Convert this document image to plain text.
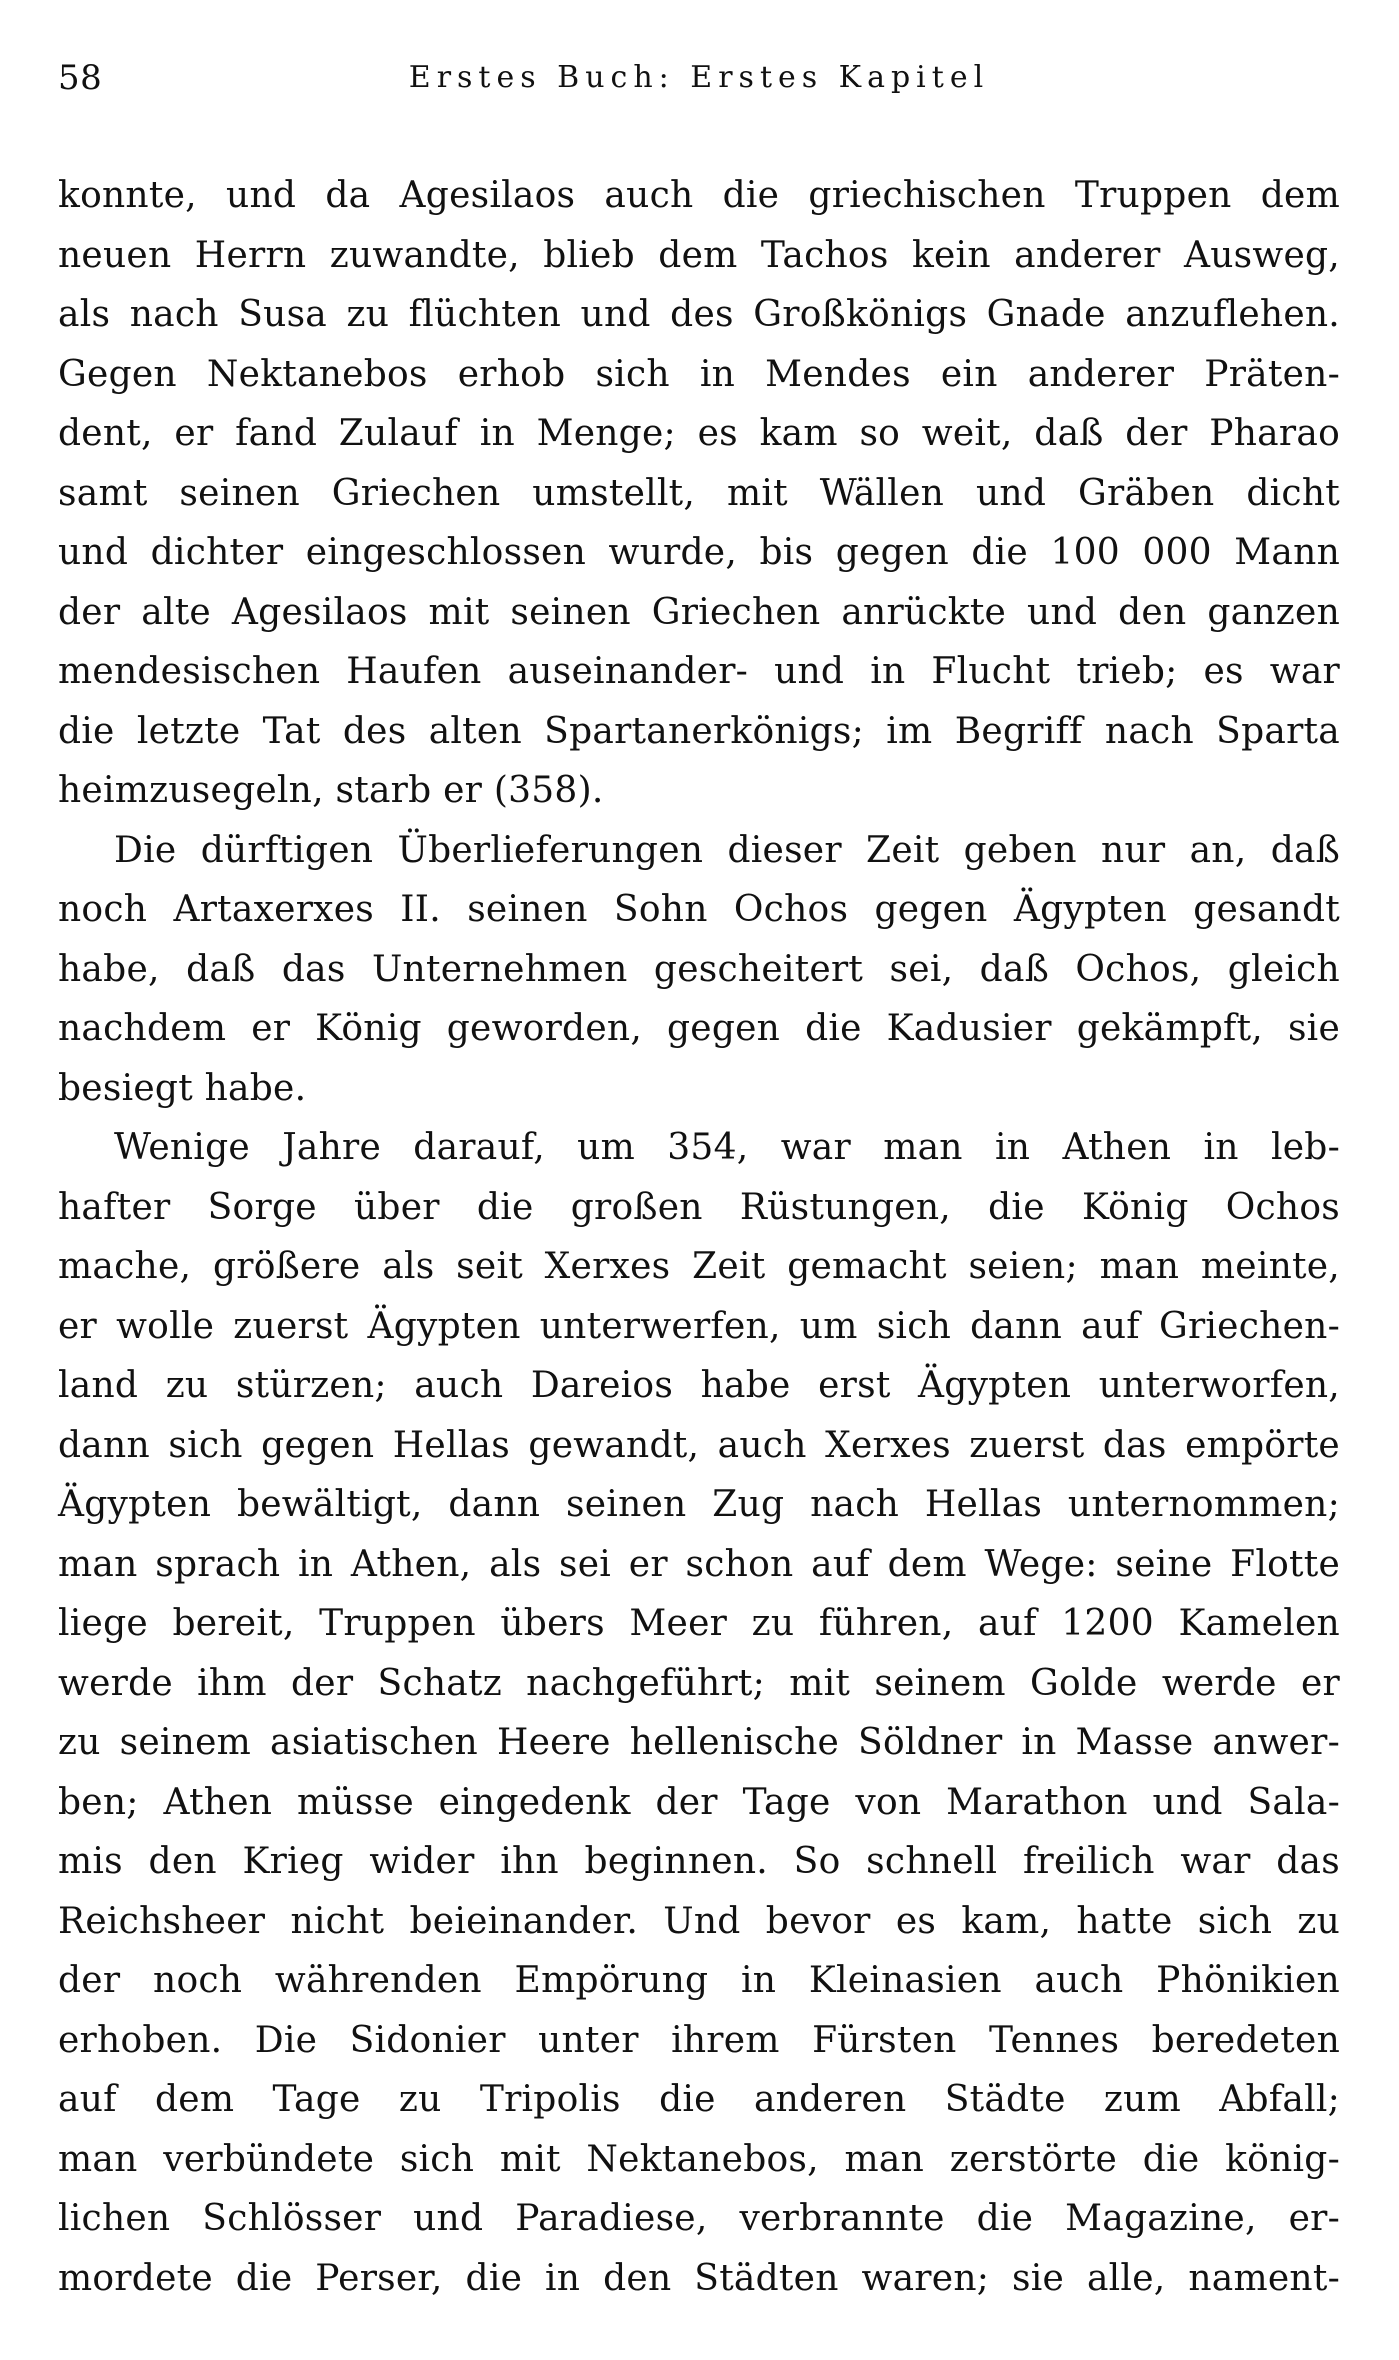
58	Erstes Buch: Erstes Kapitel
konnte, und da Agesilaos auch die griechischen Truppen dem
neuen Herrn zuwandte, blieb dem Tachos kein anderer Ausweg,
als nach Susa zu flüchten und des Großkönigs Gnade anzuflehen.
Gegen Nektanebos erhob sich in Mendes ein anderer Präten-
dent, er fand Zulauf in Menge; es kam so weit, daß der Pharao
samt seinen Griechen umstellt, mit Wällen und Gräben dicht
und dichter eingeschlossen wurde, bis gegen die 100 000 Mann
der alte Agesilaos mit seinen Griechen anrückte und den ganzen
mendesischen Haufen auseinander- und in Flucht trieb; es war
die letzte Tat des alten Spartanerkönigs; im Begriff nach Sparta
heimzusegeln, starb er (358).
Die dürftigen Überlieferungen dieser Zeit geben nur an, daß
noch Artaxerxes II. seinen Sohn Ochos gegen Ägypten gesandt
habe, daß das Unternehmen gescheitert sei, daß Ochos, gleich
nachdem er König geworden, gegen die Kadusier gekämpft, sie
besiegt habe.
Wenige Jahre darauf, um 354, war man in Athen in leb-
hafter Sorge über die großen Rüstungen, die König Ochos
mache, größere als seit Xerxes Zeit gemacht seien; man meinte,
er wolle zuerst Ägypten unterwerfen, um sich dann auf Griechen-
land zu stürzen; auch Dareios habe erst Ägypten unterworfen,
dann sich gegen Hellas gewandt, auch Xerxes zuerst das empörte
Ägypten bewältigt, dann seinen Zug nach Hellas unternommen;
man sprach in Athen, als sei er schon auf dem Wege: seine Flotte
liege bereit, Truppen übers Meer zu führen, auf 1200 Kamelen
werde ihm der Schatz nachgeführt; mit seinem Golde werde er
zu seinem asiatischen Heere hellenische Söldner in Masse anwer-
ben; Athen müsse eingedenk der Tage von Marathon und Sala-
mis den Krieg wider ihn beginnen. So schnell freilich war das
Reichsheer nicht beieinander. Und bevor es kam, hatte sich zu
der noch währenden Empörung in Kleinasien auch Phönikien
erhoben. Die Sidonier unter ihrem Fürsten Tennes beredeten
auf dem Tage zu Tripolis die anderen Städte zum Abfall;
man verbündete sich mit Nektanebos, man zerstörte die könig-
lichen Schlösser und Paradiese, verbrannte die Magazine, er-
mordete die Perser, die in den Städten waren; sie alle, nament-
